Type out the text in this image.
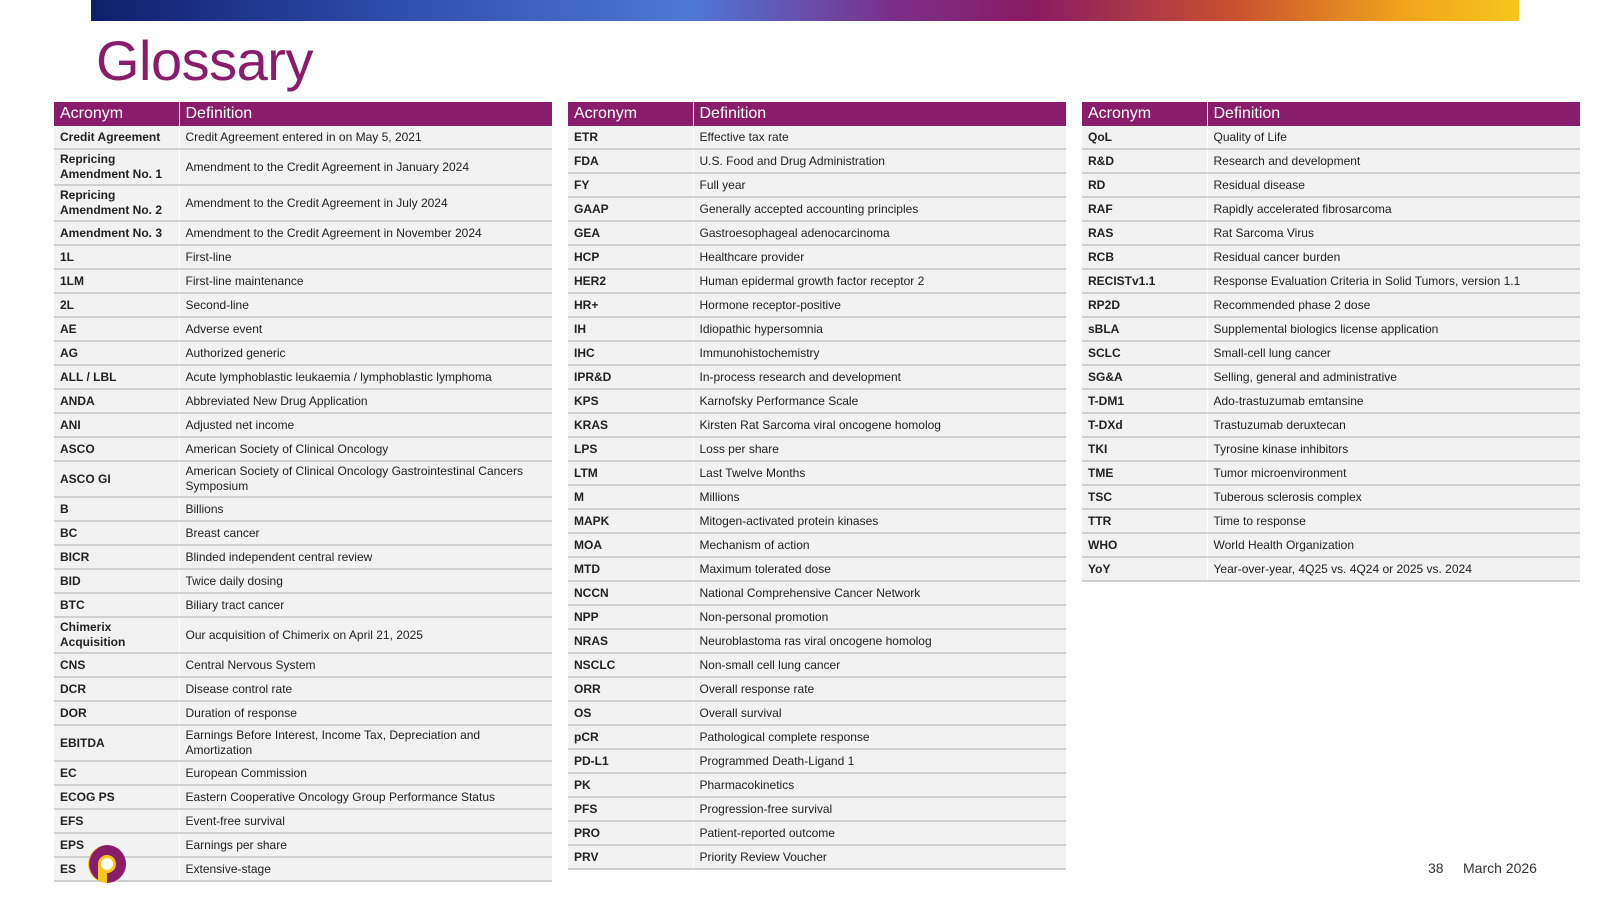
Glossary
Acronym	Definition
Credit Agreement	Credit Agreement entered in on May 5, 2021
Repricing Amendment No. 1	Amendment to the Credit Agreement in January 2024
Repricing Amendment No. 2	Amendment to the Credit Agreement in July 2024
Amendment No. 3	Amendment to the Credit Agreement in November 2024
1L	First-line
1LM	First-line maintenance
2L	Second-line
AE	Adverse event
AG	Authorized generic
ALL / LBL	Acute lymphoblastic leukaemia / lymphoblastic lymphoma
ANDA	Abbreviated New Drug Application
ANI	Adjusted net income
ASCO	American Society of Clinical Oncology
ASCO GI	American Society of Clinical Oncology Gastrointestinal Cancers Symposium
B	Billions
BC	Breast cancer
BICR	Blinded independent central review
BID	Twice daily dosing
BTC	Biliary tract cancer
Chimerix Acquisition	Our acquisition of Chimerix on April 21, 2025
CNS	Central Nervous System
DCR	Disease control rate
DOR	Duration of response
EBITDA	Earnings Before Interest, Income Tax, Depreciation and Amortization
EC	European Commission
ECOG PS	Eastern Cooperative Oncology Group Performance Status
EFS	Event-free survival
EPS	Earnings per share
ES	Extensive-stage
Acronym	Definition
ETR	Effective tax rate
FDA	U.S. Food and Drug Administration
FY	Full year
GAAP	Generally accepted accounting principles
GEA	Gastroesophageal adenocarcinoma
HCP	Healthcare provider
HER2	Human epidermal growth factor receptor 2
HR+	Hormone receptor-positive
IH	Idiopathic hypersomnia
IHC	Immunohistochemistry
IPR&D	In-process research and development
KPS	Karnofsky Performance Scale
KRAS	Kirsten Rat Sarcoma viral oncogene homolog
LPS	Loss per share
LTM	Last Twelve Months
M	Millions
MAPK	Mitogen-activated protein kinases
MOA	Mechanism of action
MTD	Maximum tolerated dose
NCCN	National Comprehensive Cancer Network
NPP	Non-personal promotion
NRAS	Neuroblastoma ras viral oncogene homolog
NSCLC	Non-small cell lung cancer
ORR	Overall response rate
OS	Overall survival
pCR	Pathological complete response
PD-L1	Programmed Death-Ligand 1
PK	Pharmacokinetics
PFS	Progression-free survival
PRO	Patient-reported outcome
PRV	Priority Review Voucher
Acronym	Definition
QoL	Quality of Life
R&D	Research and development
RD	Residual disease
RAF	Rapidly accelerated fibrosarcoma
RAS	Rat Sarcoma Virus
RCB	Residual cancer burden
RECISTv1.1	Response Evaluation Criteria in Solid Tumors, version 1.1
RP2D	Recommended phase 2 dose
sBLA	Supplemental biologics license application
SCLC	Small-cell lung cancer
SG&A	Selling, general and administrative
T-DM1	Ado-trastuzumab emtansine
T-DXd	Trastuzumab deruxtecan
TKI	Tyrosine kinase inhibitors
TME	Tumor microenvironment
TSC	Tuberous sclerosis complex
TTR	Time to response
WHO	World Health Organization
YoY	Year-over-year, 4Q25 vs. 4Q24 or 2025 vs. 2024
38 March 2026
